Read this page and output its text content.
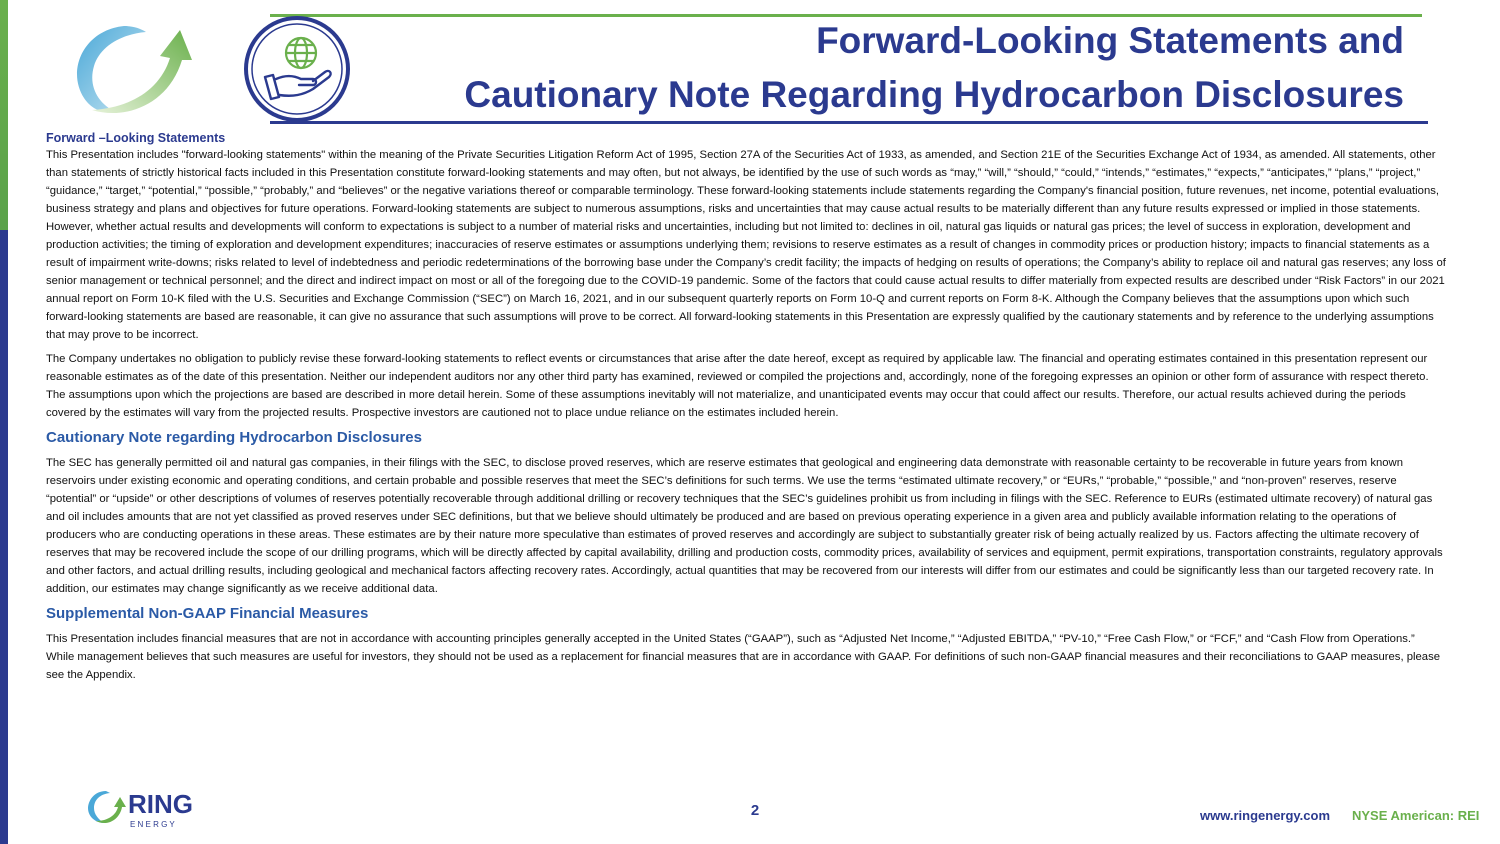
Forward-Looking Statements and
Cautionary Note Regarding Hydrocarbon Disclosures
Forward –Looking Statements

This Presentation includes "forward-looking statements" within the meaning of the Private Securities Litigation Reform Act of 1995, Section 27A of the Securities Act of 1933, as amended, and Section 21E of the Securities Exchange Act of 1934, as amended. All statements, other than statements of strictly historical facts included in this Presentation constitute forward-looking statements and may often, but not always, be identified by the use of such words as “may,” “will,” “should,” “could,” “intends,” “estimates,” “expects,” “anticipates,” “plans,” “project,” “guidance,” “target,” “potential,” “possible,” “probably,” and “believes” or the negative variations thereof or comparable terminology. These forward-looking statements include statements regarding the Company's financial position, future revenues, net income, potential evaluations, business strategy and plans and objectives for future operations. Forward-looking statements are subject to numerous assumptions, risks and uncertainties that may cause actual results to be materially different than any future results expressed or implied in those statements. However, whether actual results and developments will conform to expectations is subject to a number of material risks and uncertainties, including but not limited to: declines in oil, natural gas liquids or natural gas prices; the level of success in exploration, development and production activities; the timing of exploration and development expenditures; inaccuracies of reserve estimates or assumptions underlying them; revisions to reserve estimates as a result of changes in commodity prices or production history; impacts to financial statements as a result of impairment write-downs; risks related to level of indebtedness and periodic redeterminations of the borrowing base under the Company’s credit facility; the impacts of hedging on results of operations; the Company’s ability to replace oil and natural gas reserves; any loss of senior management or technical personnel; and the direct and indirect impact on most or all of the foregoing due to the COVID-19 pandemic. Some of the factors that could cause actual results to differ materially from expected results are described under “Risk Factors” in our 2021 annual report on Form 10-K filed with the U.S. Securities and Exchange Commission (“SEC”) on March 16, 2021, and in our subsequent quarterly reports on Form 10-Q and current reports on Form 8-K. Although the Company believes that the assumptions upon which such forward-looking statements are based are reasonable, it can give no assurance that such assumptions will prove to be correct. All forward-looking statements in this Presentation are expressly qualified by the cautionary statements and by reference to the underlying assumptions that may prove to be incorrect.

The Company undertakes no obligation to publicly revise these forward-looking statements to reflect events or circumstances that arise after the date hereof, except as required by applicable law. The financial and operating estimates contained in this presentation represent our reasonable estimates as of the date of this presentation. Neither our independent auditors nor any other third party has examined, reviewed or compiled the projections and, accordingly, none of the foregoing expresses an opinion or other form of assurance with respect thereto. The assumptions upon which the projections are based are described in more detail herein. Some of these assumptions inevitably will not materialize, and unanticipated events may occur that could affect our results. Therefore, our actual results achieved during the periods covered by the estimates will vary from the projected results. Prospective investors are cautioned not to place undue reliance on the estimates included herein.

Cautionary Note regarding Hydrocarbon Disclosures

The SEC has generally permitted oil and natural gas companies, in their filings with the SEC, to disclose proved reserves, which are reserve estimates that geological and engineering data demonstrate with reasonable certainty to be recoverable in future years from known reservoirs under existing economic and operating conditions, and certain probable and possible reserves that meet the SEC’s definitions for such terms. We use the terms “estimated ultimate recovery,” or “EURs,” “probable,” “possible,” and “non-proven” reserves, reserve “potential” or “upside” or other descriptions of volumes of reserves potentially recoverable through additional drilling or recovery techniques that the SEC’s guidelines prohibit us from including in filings with the SEC. Reference to EURs (estimated ultimate recovery) of natural gas and oil includes amounts that are not yet classified as proved reserves under SEC definitions, but that we believe should ultimately be produced and are based on previous operating experience in a given area and publicly available information relating to the operations of producers who are conducting operations in these areas. These estimates are by their nature more speculative than estimates of proved reserves and accordingly are subject to substantially greater risk of being actually realized by us. Factors affecting the ultimate recovery of reserves that may be recovered include the scope of our drilling programs, which will be directly affected by capital availability, drilling and production costs, commodity prices, availability of services and equipment, permit expirations, transportation constraints, regulatory approvals and other factors, and actual drilling results, including geological and mechanical factors affecting recovery rates. Accordingly, actual quantities that may be recovered from our interests will differ from our estimates and could be significantly less than our targeted recovery rate. In addition, our estimates may change significantly as we receive additional data.

Supplemental Non-GAAP Financial Measures

This Presentation includes financial measures that are not in accordance with accounting principles generally accepted in the United States (“GAAP”), such as “Adjusted Net Income,” “Adjusted EBITDA,” “PV-10,” “Free Cash Flow,” or “FCF,” and “Cash Flow from Operations.” While management believes that such measures are useful for investors, they should not be used as a replacement for financial measures that are in accordance with GAAP. For definitions of such non-GAAP financial measures and their reconciliations to GAAP measures, please see the Appendix.

RING
E N E R G Y
2	www.ringenergy.com NYSE American: REI
